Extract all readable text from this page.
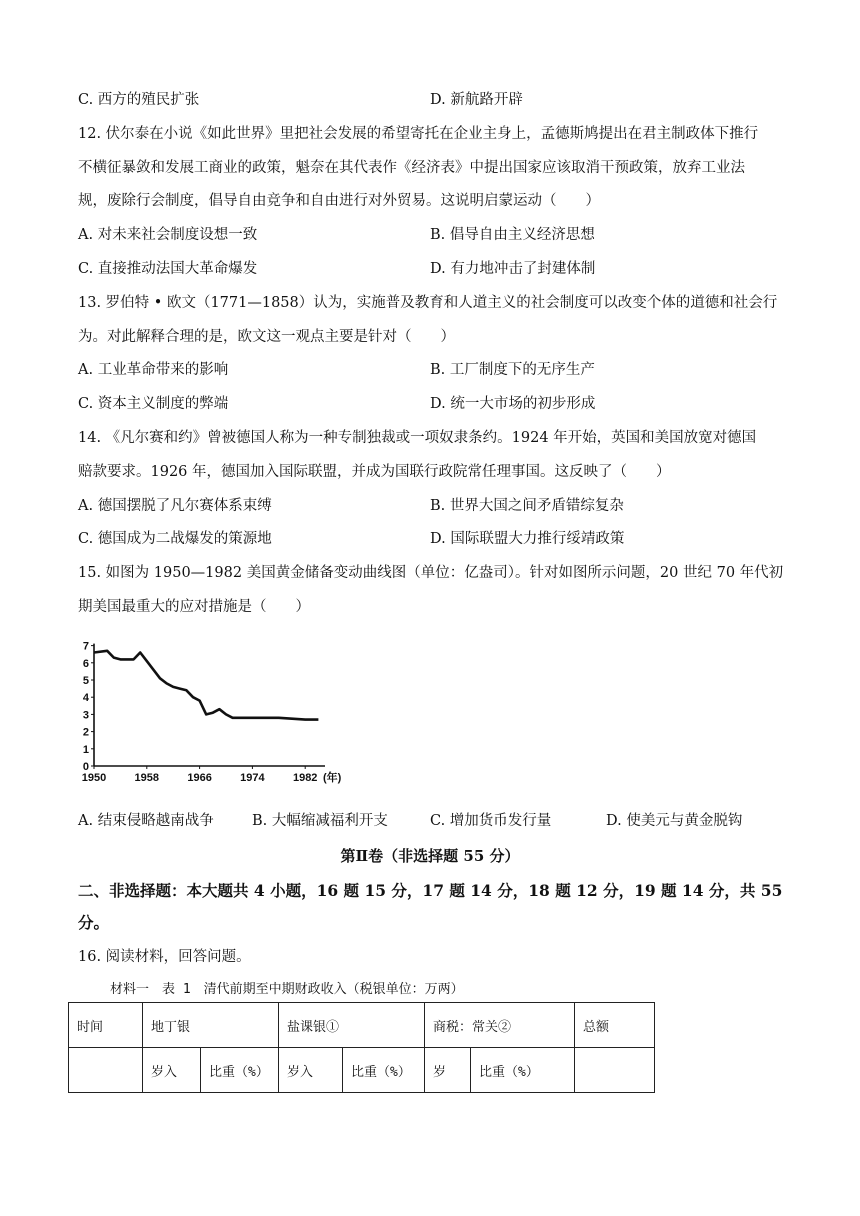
C. 西方的殖民扩张	D. 新航路开辟
12. 伏尔泰在小说《如此世界》里把社会发展的希望寄托在企业主身上，孟德斯鸠提出在君主制政体下推行
不横征暴敛和发展工商业的政策，魁奈在其代表作《经济表》中提出国家应该取消干预政策，放弃工业法
规，废除行会制度，倡导自由竞争和自由进行对外贸易。这说明启蒙运动（　　）
A. 对未来社会制度设想一致	B. 倡导自由主义经济思想
C. 直接推动法国大革命爆发	D. 有力地冲击了封建体制
13. 罗伯特 • 欧文（1771—1858）认为，实施普及教育和人道主义的社会制度可以改变个体的道德和社会行
为。对此解释合理的是，欧文这一观点主要是针对（　　）
A. 工业革命带来的影响	B. 工厂制度下的无序生产
C. 资本主义制度的弊端	D. 统一大市场的初步形成
14. 《凡尔赛和约》曾被德国人称为一种专制独裁或一项奴隶条约。1924 年开始，英国和美国放宽对德国
赔款要求。1926 年，德国加入国际联盟，并成为国联行政院常任理事国。这反映了（　　）
A. 德国摆脱了凡尔赛体系束缚	B. 世界大国之间矛盾错综复杂
C. 德国成为二战爆发的策源地	D. 国际联盟大力推行绥靖政策
15. 如图为 1950—1982 美国黄金储备变动曲线图（单位：亿盎司）。针对如图所示问题，20 世纪 70 年代初
期美国最重大的应对措施是（　　）
0
1
2
3
4
5
6
7
1950	1958	1966	1974	1982 (年)
A. 结束侵略越南战争	B. 大幅缩减福利开支	C. 增加货币发行量	D. 使美元与黄金脱钩
第Ⅱ卷（非选择题 55 分）
二、非选择题：本大题共 4 小题，16 题 15 分，17 题 14 分，18 题 12 分，19 题 14 分，共 55
分。
16. 阅读材料，回答问题。
材料一　表 1　清代前期至中期财政收入（税银单位：万两）
时间	地丁银		盐课银①		商税：常关②		总额
	岁入	比重（%）	岁入	比重（%）	岁	比重（%）	
